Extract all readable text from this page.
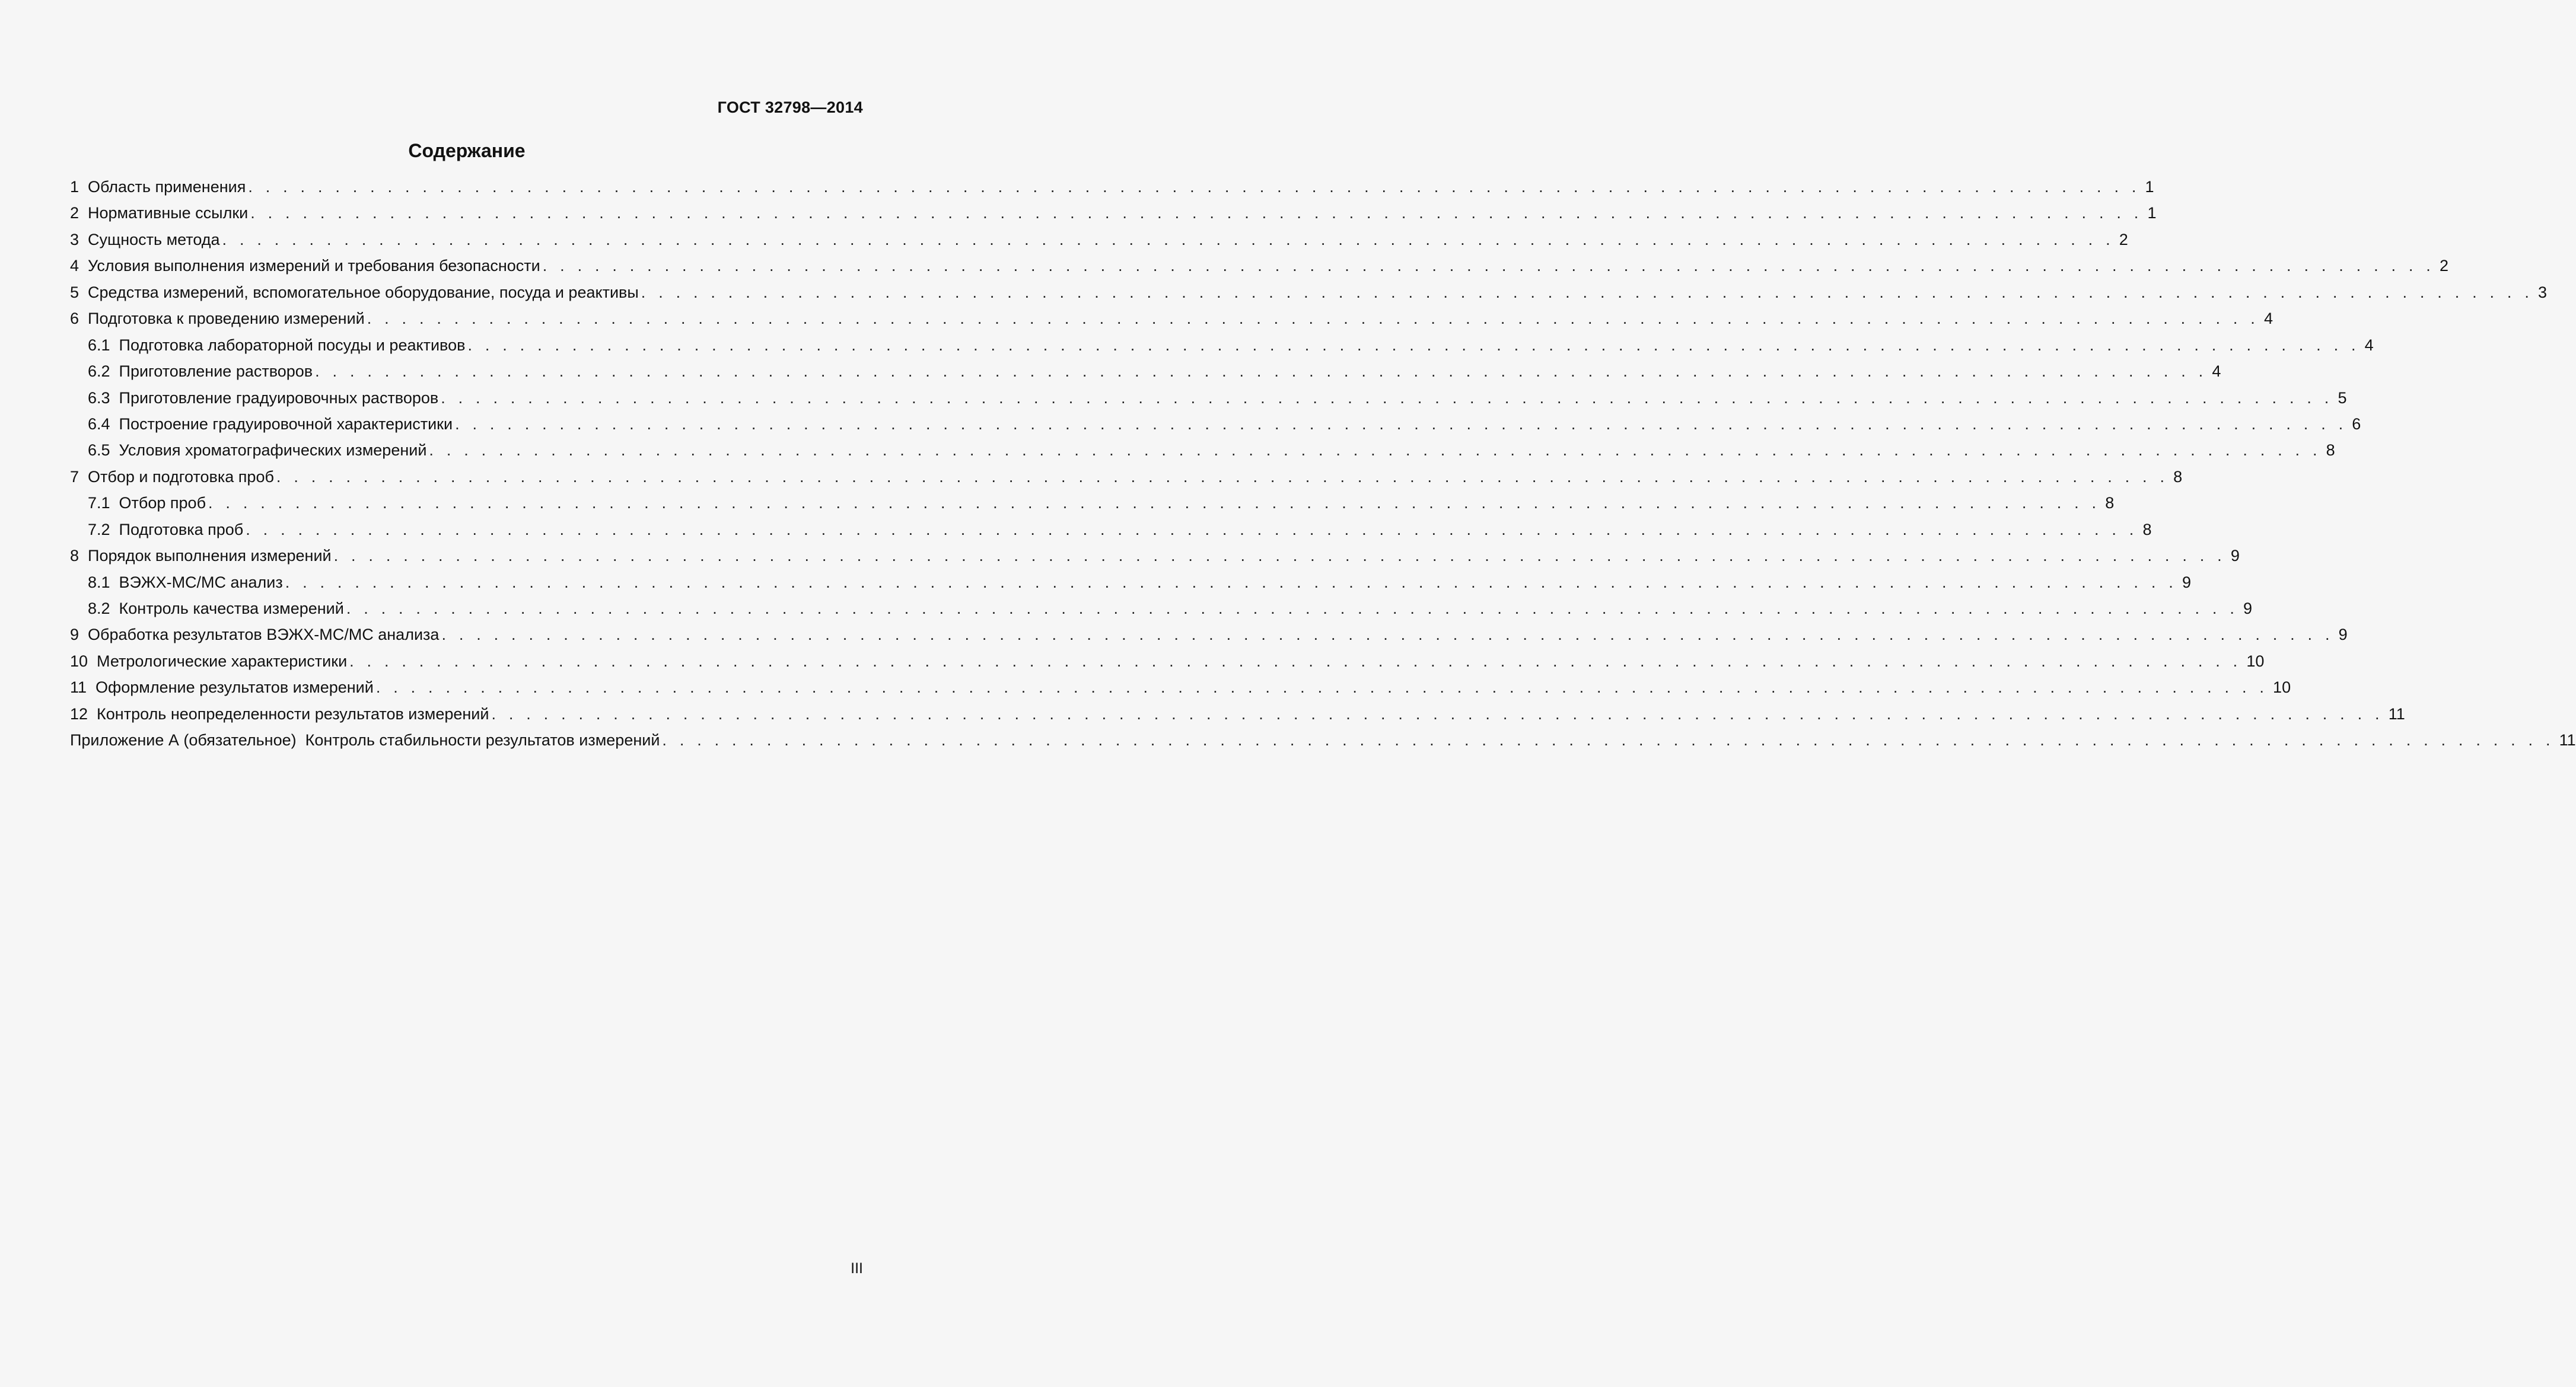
ГОСТ 32798—2014
Содержание
1 Область применения . . . . . . . . . . . . . . . . . . . . . . . . . . . . . . . . . . . . . . . . . . . . . . . . . . . . . . . . . . . . . . . . . . . . . . . . . . . . . . . . . . . . . . . . . . . . . . . . . . . . . . . . . . . . . 1
2 Нормативные ссылки . . . . . . . . . . . . . . . . . . . . . . . . . . . . . . . . . . . . . . . . . . . . . . . . . . . . . . . . . . . . . . . . . . . . . . . . . . . . . . . . . . . . . . . . . . . . . . . . . . . . . . . . . . . . . 1
3 Сущность метода . . . . . . . . . . . . . . . . . . . . . . . . . . . . . . . . . . . . . . . . . . . . . . . . . . . . . . . . . . . . . . . . . . . . . . . . . . . . . . . . . . . . . . . . . . . . . . . . . . . . . . . . . . . . . 2
4 Условия выполнения измерений и требования безопасности . . . . . . . . . . . . . . . . . . . . . . . . . . . . . . . . . . . . . . . . . . . . . . . . . . . . . . . . . . . . . . . . . . . . . . . . . . . . . . . . . . . . . . . . . . . . . . . . . . . . . . . . . . . . . 2
5 Средства измерений, вспомогательное оборудование, посуда и реактивы . . . . . . . . . . . . . . . . . . . . . . . . . . . . . . . . . . . . . . . . . . . . . . . . . . . . . . . . . . . . . . . . . . . . . . . . . . . . . . . . . . . . . . . . . . . . . . . . . . . . . . . . . . . . . 3
6 Подготовка к проведению измерений . . . . . . . . . . . . . . . . . . . . . . . . . . . . . . . . . . . . . . . . . . . . . . . . . . . . . . . . . . . . . . . . . . . . . . . . . . . . . . . . . . . . . . . . . . . . . . . . . . . . . . . . . . . . . 4
6.1 Подготовка лабораторной посуды и реактивов . . . . . . . . . . . . . . . . . . . . . . . . . . . . . . . . . . . . . . . . . . . . . . . . . . . . . . . . . . . . . . . . . . . . . . . . . . . . . . . . . . . . . . . . . . . . . . . . . . . . . . . . . . . . . 4
6.2 Приготовление растворов . . . . . . . . . . . . . . . . . . . . . . . . . . . . . . . . . . . . . . . . . . . . . . . . . . . . . . . . . . . . . . . . . . . . . . . . . . . . . . . . . . . . . . . . . . . . . . . . . . . . . . . . . . . . . 4
6.3 Приготовление градуировочных растворов . . . . . . . . . . . . . . . . . . . . . . . . . . . . . . . . . . . . . . . . . . . . . . . . . . . . . . . . . . . . . . . . . . . . . . . . . . . . . . . . . . . . . . . . . . . . . . . . . . . . . . . . . . . . . 5
6.4 Построение градуировочной характеристики . . . . . . . . . . . . . . . . . . . . . . . . . . . . . . . . . . . . . . . . . . . . . . . . . . . . . . . . . . . . . . . . . . . . . . . . . . . . . . . . . . . . . . . . . . . . . . . . . . . . . . . . . . . . . 6
6.5 Условия хроматографических измерений . . . . . . . . . . . . . . . . . . . . . . . . . . . . . . . . . . . . . . . . . . . . . . . . . . . . . . . . . . . . . . . . . . . . . . . . . . . . . . . . . . . . . . . . . . . . . . . . . . . . . . . . . . . . . 8
7 Отбор и подготовка проб . . . . . . . . . . . . . . . . . . . . . . . . . . . . . . . . . . . . . . . . . . . . . . . . . . . . . . . . . . . . . . . . . . . . . . . . . . . . . . . . . . . . . . . . . . . . . . . . . . . . . . . . . . . . . 8
7.1 Отбор проб . . . . . . . . . . . . . . . . . . . . . . . . . . . . . . . . . . . . . . . . . . . . . . . . . . . . . . . . . . . . . . . . . . . . . . . . . . . . . . . . . . . . . . . . . . . . . . . . . . . . . . . . . . . . . 8
7.2 Подготовка проб . . . . . . . . . . . . . . . . . . . . . . . . . . . . . . . . . . . . . . . . . . . . . . . . . . . . . . . . . . . . . . . . . . . . . . . . . . . . . . . . . . . . . . . . . . . . . . . . . . . . . . . . . . . . . 8
8 Порядок выполнения измерений . . . . . . . . . . . . . . . . . . . . . . . . . . . . . . . . . . . . . . . . . . . . . . . . . . . . . . . . . . . . . . . . . . . . . . . . . . . . . . . . . . . . . . . . . . . . . . . . . . . . . . . . . . . . . 9
8.1 ВЭЖХ-МС/МС анализ . . . . . . . . . . . . . . . . . . . . . . . . . . . . . . . . . . . . . . . . . . . . . . . . . . . . . . . . . . . . . . . . . . . . . . . . . . . . . . . . . . . . . . . . . . . . . . . . . . . . . . . . . . . . . 9
8.2 Контроль качества измерений . . . . . . . . . . . . . . . . . . . . . . . . . . . . . . . . . . . . . . . . . . . . . . . . . . . . . . . . . . . . . . . . . . . . . . . . . . . . . . . . . . . . . . . . . . . . . . . . . . . . . . . . . . . . . 9
9 Обработка результатов ВЭЖХ-МС/МС анализа . . . . . . . . . . . . . . . . . . . . . . . . . . . . . . . . . . . . . . . . . . . . . . . . . . . . . . . . . . . . . . . . . . . . . . . . . . . . . . . . . . . . . . . . . . . . . . . . . . . . . . . . . . . . . 9
10 Метрологические характеристики . . . . . . . . . . . . . . . . . . . . . . . . . . . . . . . . . . . . . . . . . . . . . . . . . . . . . . . . . . . . . . . . . . . . . . . . . . . . . . . . . . . . . . . . . . . . . . . . . . . . . . . . . . . . . 10
11 Оформление результатов измерений . . . . . . . . . . . . . . . . . . . . . . . . . . . . . . . . . . . . . . . . . . . . . . . . . . . . . . . . . . . . . . . . . . . . . . . . . . . . . . . . . . . . . . . . . . . . . . . . . . . . . . . . . . . . . 10
12 Контроль неопределенности результатов измерений . . . . . . . . . . . . . . . . . . . . . . . . . . . . . . . . . . . . . . . . . . . . . . . . . . . . . . . . . . . . . . . . . . . . . . . . . . . . . . . . . . . . . . . . . . . . . . . . . . . . . . . . . . . . . 11
Приложение А (обязательное)  Контроль стабильности результатов измерений . . . . . . . . . . . . . . . . . . . . . . . . . . . . . . . . . . . . . . . . . . . . . . . . . . . . . . . . . . . . . . . . . . . . . . . . . . . . . . . . . . . . . . . . . . . . . . . . . . . . . . . . . . . . . 11
III
